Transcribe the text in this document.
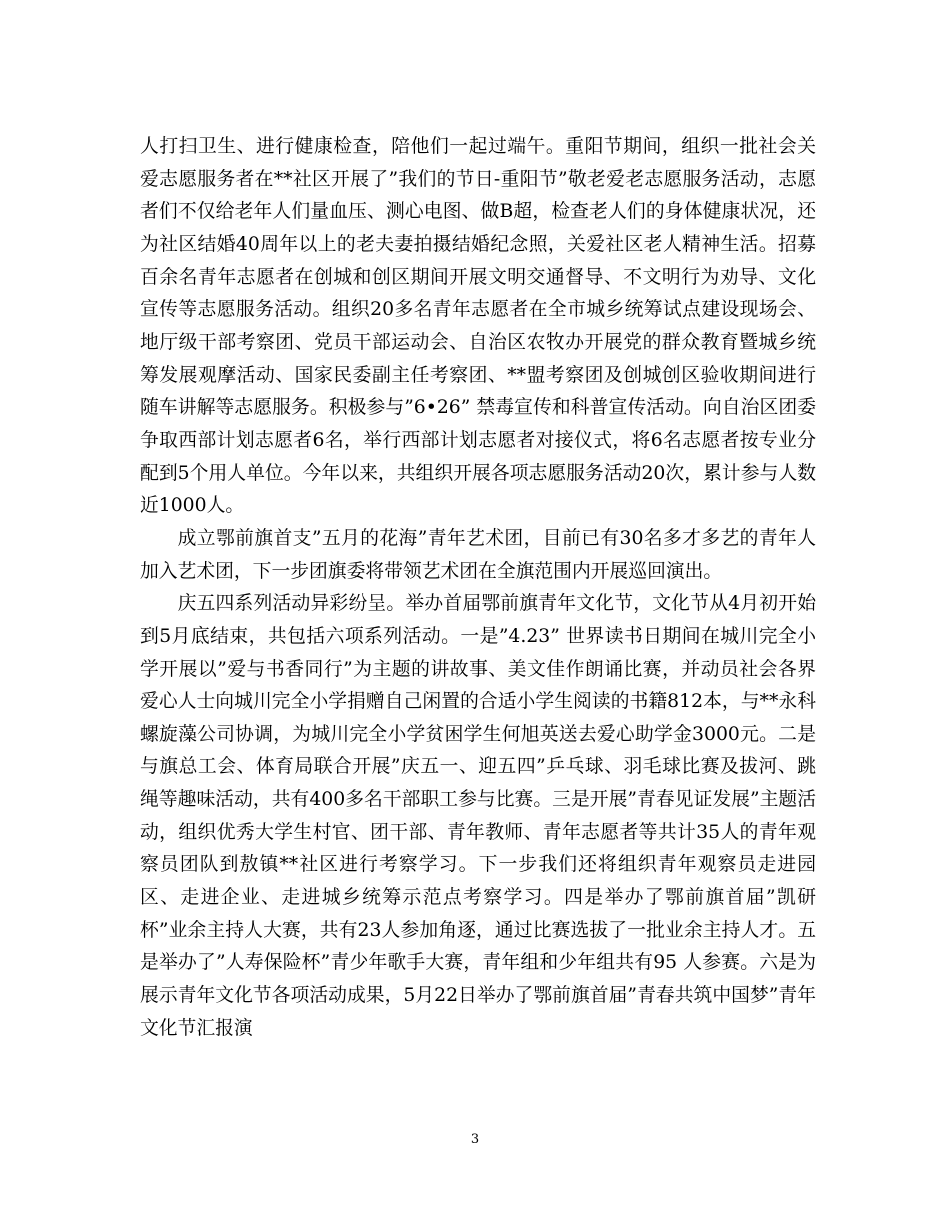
人打扫卫生、进行健康检查，陪他们一起过端午。重阳节期间，组织一批社会关爱志愿服务者在**社区开展了”我们的节日-重阳节”敬老爱老志愿服务活动，志愿者们不仅给老年人们量血压、测心电图、做B超，检查老人们的身体健康状况，还为社区结婚40周年以上的老夫妻拍摄结婚纪念照，关爱社区老人精神生活。招募百余名青年志愿者在创城和创区期间开展文明交通督导、不文明行为劝导、文化宣传等志愿服务活动。组织20多名青年志愿者在全市城乡统筹试点建设现场会、地厅级干部考察团、党员干部运动会、自治区农牧办开展党的群众教育暨城乡统筹发展观摩活动、国家民委副主任考察团、**盟考察团及创城创区验收期间进行随车讲解等志愿服务。积极参与”6•26” 禁毒宣传和科普宣传活动。向自治区团委争取西部计划志愿者6名，举行西部计划志愿者对接仪式，将6名志愿者按专业分配到5个用人单位。今年以来，共组织开展各项志愿服务活动20次，累计参与人数近1000人。

成立鄂前旗首支”五月的花海”青年艺术团，目前已有30名多才多艺的青年人加入艺术团，下一步团旗委将带领艺术团在全旗范围内开展巡回演出。

庆五四系列活动异彩纷呈。举办首届鄂前旗青年文化节，文化节从4月初开始到5月底结束，共包括六项系列活动。一是”4.23” 世界读书日期间在城川完全小学开展以”爱与书香同行”为主题的讲故事、美文佳作朗诵比赛，并动员社会各界爱心人士向城川完全小学捐赠自己闲置的合适小学生阅读的书籍812本，与**永科螺旋藻公司协调，为城川完全小学贫困学生何旭英送去爱心助学金3000元。二是与旗总工会、体育局联合开展”庆五一、迎五四”乒乓球、羽毛球比赛及拔河、跳绳等趣味活动，共有400多名干部职工参与比赛。三是开展”青春见证发展”主题活动，组织优秀大学生村官、团干部、青年教师、青年志愿者等共计35人的青年观察员团队到敖镇**社区进行考察学习。下一步我们还将组织青年观察员走进园区、走进企业、走进城乡统筹示范点考察学习。四是举办了鄂前旗首届”凯研杯”业余主持人大赛，共有23人参加角逐，通过比赛选拔了一批业余主持人才。五是举办了”人寿保险杯”青少年歌手大赛，青年组和少年组共有95 人参赛。六是为展示青年文化节各项活动成果，5月22日举办了鄂前旗首届”青春共筑中国梦”青年文化节汇报演

3
